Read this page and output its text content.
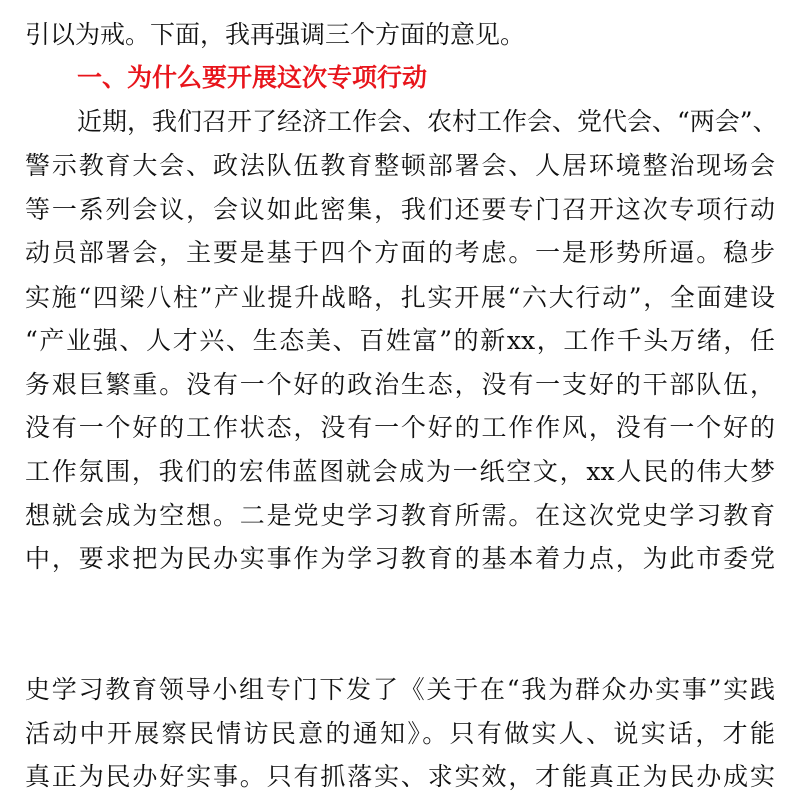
引以为戒。下面，我再强调三个方面的意见。
一、为什么要开展这次专项行动
近期，我们召开了经济工作会、农村工作会、党代会、“两会”、
警示教育大会、政法队伍教育整顿部署会、人居环境整治现场会
等一系列会议，会议如此密集，我们还要专门召开这次专项行动
动员部署会，主要是基于四个方面的考虑。一是形势所逼。稳步
实施“四梁八柱”产业提升战略，扎实开展“六大行动”，全面建设
“产业强、人才兴、生态美、百姓富”的新xx，工作千头万绪，任
务艰巨繁重。没有一个好的政治生态，没有一支好的干部队伍，
没有一个好的工作状态，没有一个好的工作作风，没有一个好的
工作氛围，我们的宏伟蓝图就会成为一纸空文，xx人民的伟大梦
想就会成为空想。二是党史学习教育所需。在这次党史学习教育
中，要求把为民办实事作为学习教育的基本着力点，为此市委党
史学习教育领导小组专门下发了《关于在“我为群众办实事”实践
活动中开展察民情访民意的通知》。只有做实人、说实话，才能
真正为民办好实事。只有抓落实、求实效，才能真正为民办成实
